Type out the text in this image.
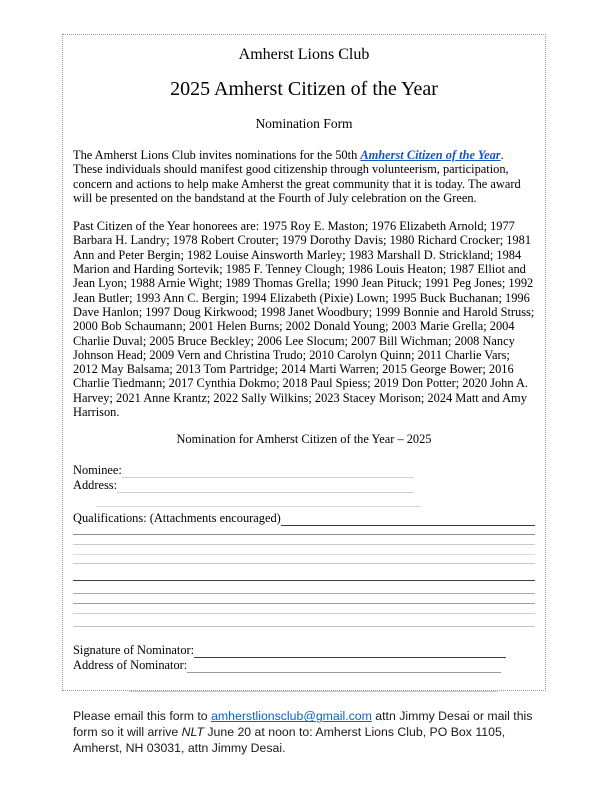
Amherst Lions Club
2025 Amherst Citizen of the Year
Nomination Form

The Amherst Lions Club invites nominations for the 50th Amherst Citizen of the Year. These individuals should manifest good citizenship through volunteerism, participation, concern and actions to help make Amherst the great community that it is today. The award will be presented on the bandstand at the Fourth of July celebration on the Green.

Past Citizen of the Year honorees are: 1975 Roy E. Maston; 1976 Elizabeth Arnold; 1977 Barbara H. Landry; 1978 Robert Crouter; 1979 Dorothy Davis; 1980 Richard Crocker; 1981 Ann and Peter Bergin; 1982 Louise Ainsworth Marley; 1983 Marshall D. Strickland; 1984 Marion and Harding Sortevik; 1985 F. Tenney Clough; 1986 Louis Heaton; 1987 Elliot and Jean Lyon; 1988 Arnie Wight; 1989 Thomas Grella; 1990 Jean Pituck; 1991 Peg Jones; 1992 Jean Butler; 1993 Ann C. Bergin; 1994 Elizabeth (Pixie) Lown; 1995 Buck Buchanan; 1996 Dave Hanlon; 1997 Doug Kirkwood; 1998 Janet Woodbury; 1999 Bonnie and Harold Struss; 2000 Bob Schaumann; 2001 Helen Burns; 2002 Donald Young; 2003 Marie Grella; 2004 Charlie Duval; 2005 Bruce Beckley; 2006 Lee Slocum; 2007 Bill Wichman; 2008 Nancy Johnson Head; 2009 Vern and Christina Trudo; 2010 Carolyn Quinn; 2011 Charlie Vars; 2012 May Balsama; 2013 Tom Partridge; 2014 Marti Warren; 2015 George Bower; 2016 Charlie Tiedmann; 2017 Cynthia Dokmo; 2018 Paul Spiess; 2019 Don Potter; 2020 John A. Harvey; 2021 Anne Krantz; 2022 Sally Wilkins; 2023 Stacey Morison; 2024 Matt and Amy Harrison.

Nomination for Amherst Citizen of the Year – 2025
Nominee:
Address:
Qualifications: (Attachments encouraged)
Signature of Nominator:
Address of Nominator:

Please email this form to amherstlionsclub@gmail.com attn Jimmy Desai or mail this form so it will arrive NLT June 20 at noon to: Amherst Lions Club, PO Box 1105, Amherst, NH 03031, attn Jimmy Desai.
